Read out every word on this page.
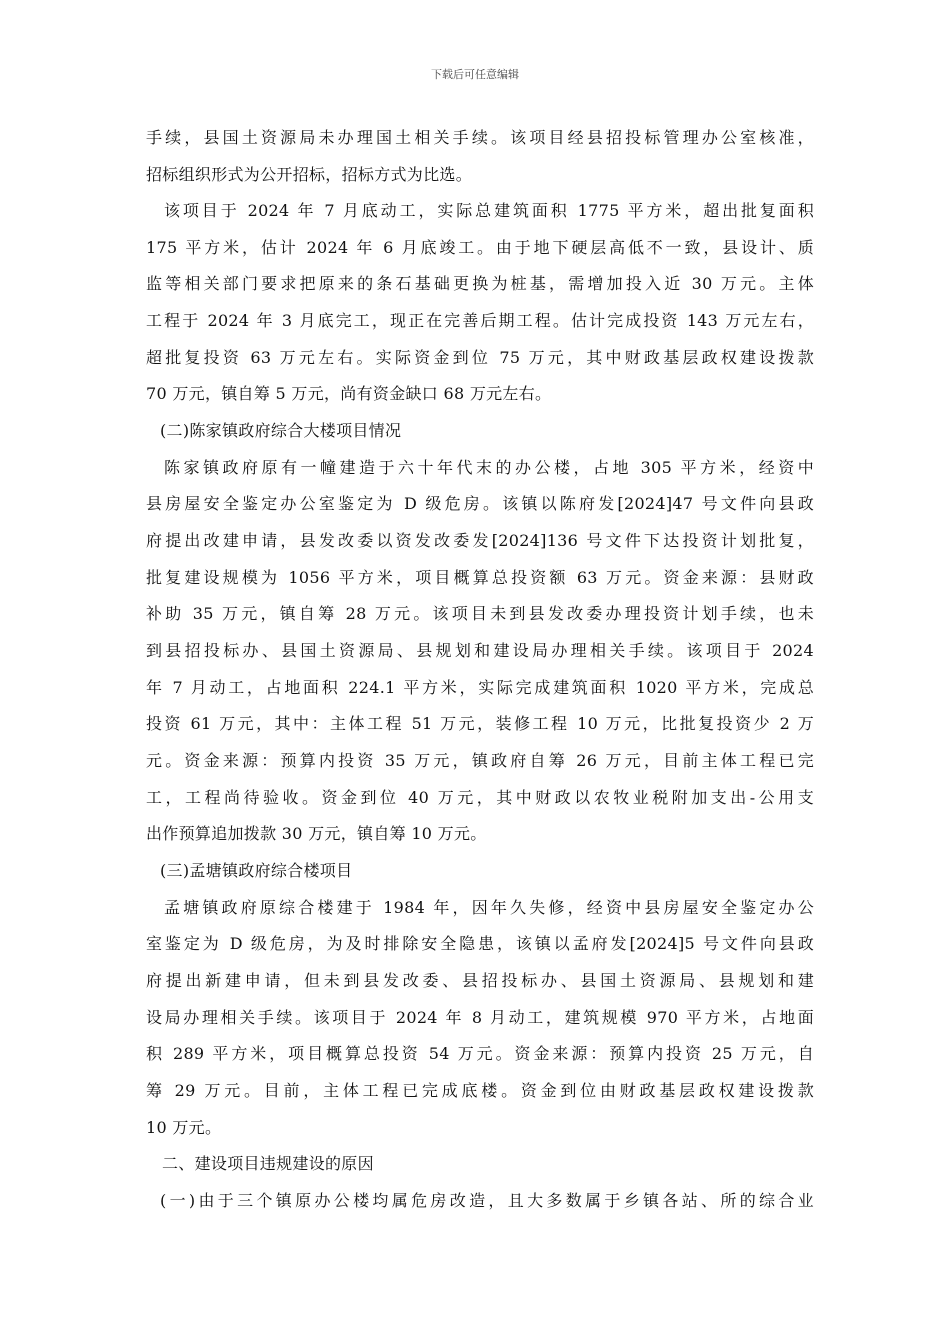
下载后可任意编辑
手续，县国土资源局未办理国土相关手续。该项目经县招投标管理办公室核准，
招标组织形式为公开招标，招标方式为比选。
该项目于 2024 年 7 月底动工，实际总建筑面积 1775 平方米，超出批复面积
175 平方米，估计 2024 年 6 月底竣工。由于地下硬层高低不一致，县设计、质
监等相关部门要求把原来的条石基础更换为桩基，需增加投入近 30 万元。主体
工程于 2024 年 3 月底完工，现正在完善后期工程。估计完成投资 143 万元左右，
超批复投资 63 万元左右。实际资金到位 75 万元，其中财政基层政权建设拨款
70 万元，镇自筹 5 万元，尚有资金缺口 68 万元左右。
(二)陈家镇政府综合大楼项目情况
陈家镇政府原有一幢建造于六十年代末的办公楼，占地 305 平方米，经资中
县房屋安全鉴定办公室鉴定为 D 级危房。该镇以陈府发[2024]47 号文件向县政
府提出改建申请，县发改委以资发改委发[2024]136 号文件下达投资计划批复，
批复建设规模为 1056 平方米，项目概算总投资额 63 万元。资金来源：县财政
补助 35 万元，镇自筹 28 万元。该项目未到县发改委办理投资计划手续，也未
到县招投标办、县国土资源局、县规划和建设局办理相关手续。该项目于 2024
年 7 月动工，占地面积 224.1 平方米，实际完成建筑面积 1020 平方米，完成总
投资 61 万元，其中：主体工程 51 万元，装修工程 10 万元，比批复投资少 2 万
元。资金来源：预算内投资 35 万元，镇政府自筹 26 万元，目前主体工程已完
工，工程尚待验收。资金到位 40 万元，其中财政以农牧业税附加支出-公用支
出作预算追加拨款 30 万元，镇自筹 10 万元。
(三)孟塘镇政府综合楼项目
孟塘镇政府原综合楼建于 1984 年，因年久失修，经资中县房屋安全鉴定办公
室鉴定为 D 级危房，为及时排除安全隐患，该镇以孟府发[2024]5 号文件向县政
府提出新建申请，但未到县发改委、县招投标办、县国土资源局、县规划和建
设局办理相关手续。该项目于 2024 年 8 月动工，建筑规模 970 平方米，占地面
积 289 平方米，项目概算总投资 54 万元。资金来源：预算内投资 25 万元，自
筹 29 万元。目前，主体工程已完成底楼。资金到位由财政基层政权建设拨款
10 万元。
二、建设项目违规建设的原因
(一)由于三个镇原办公楼均属危房改造，且大多数属于乡镇各站、所的综合业
